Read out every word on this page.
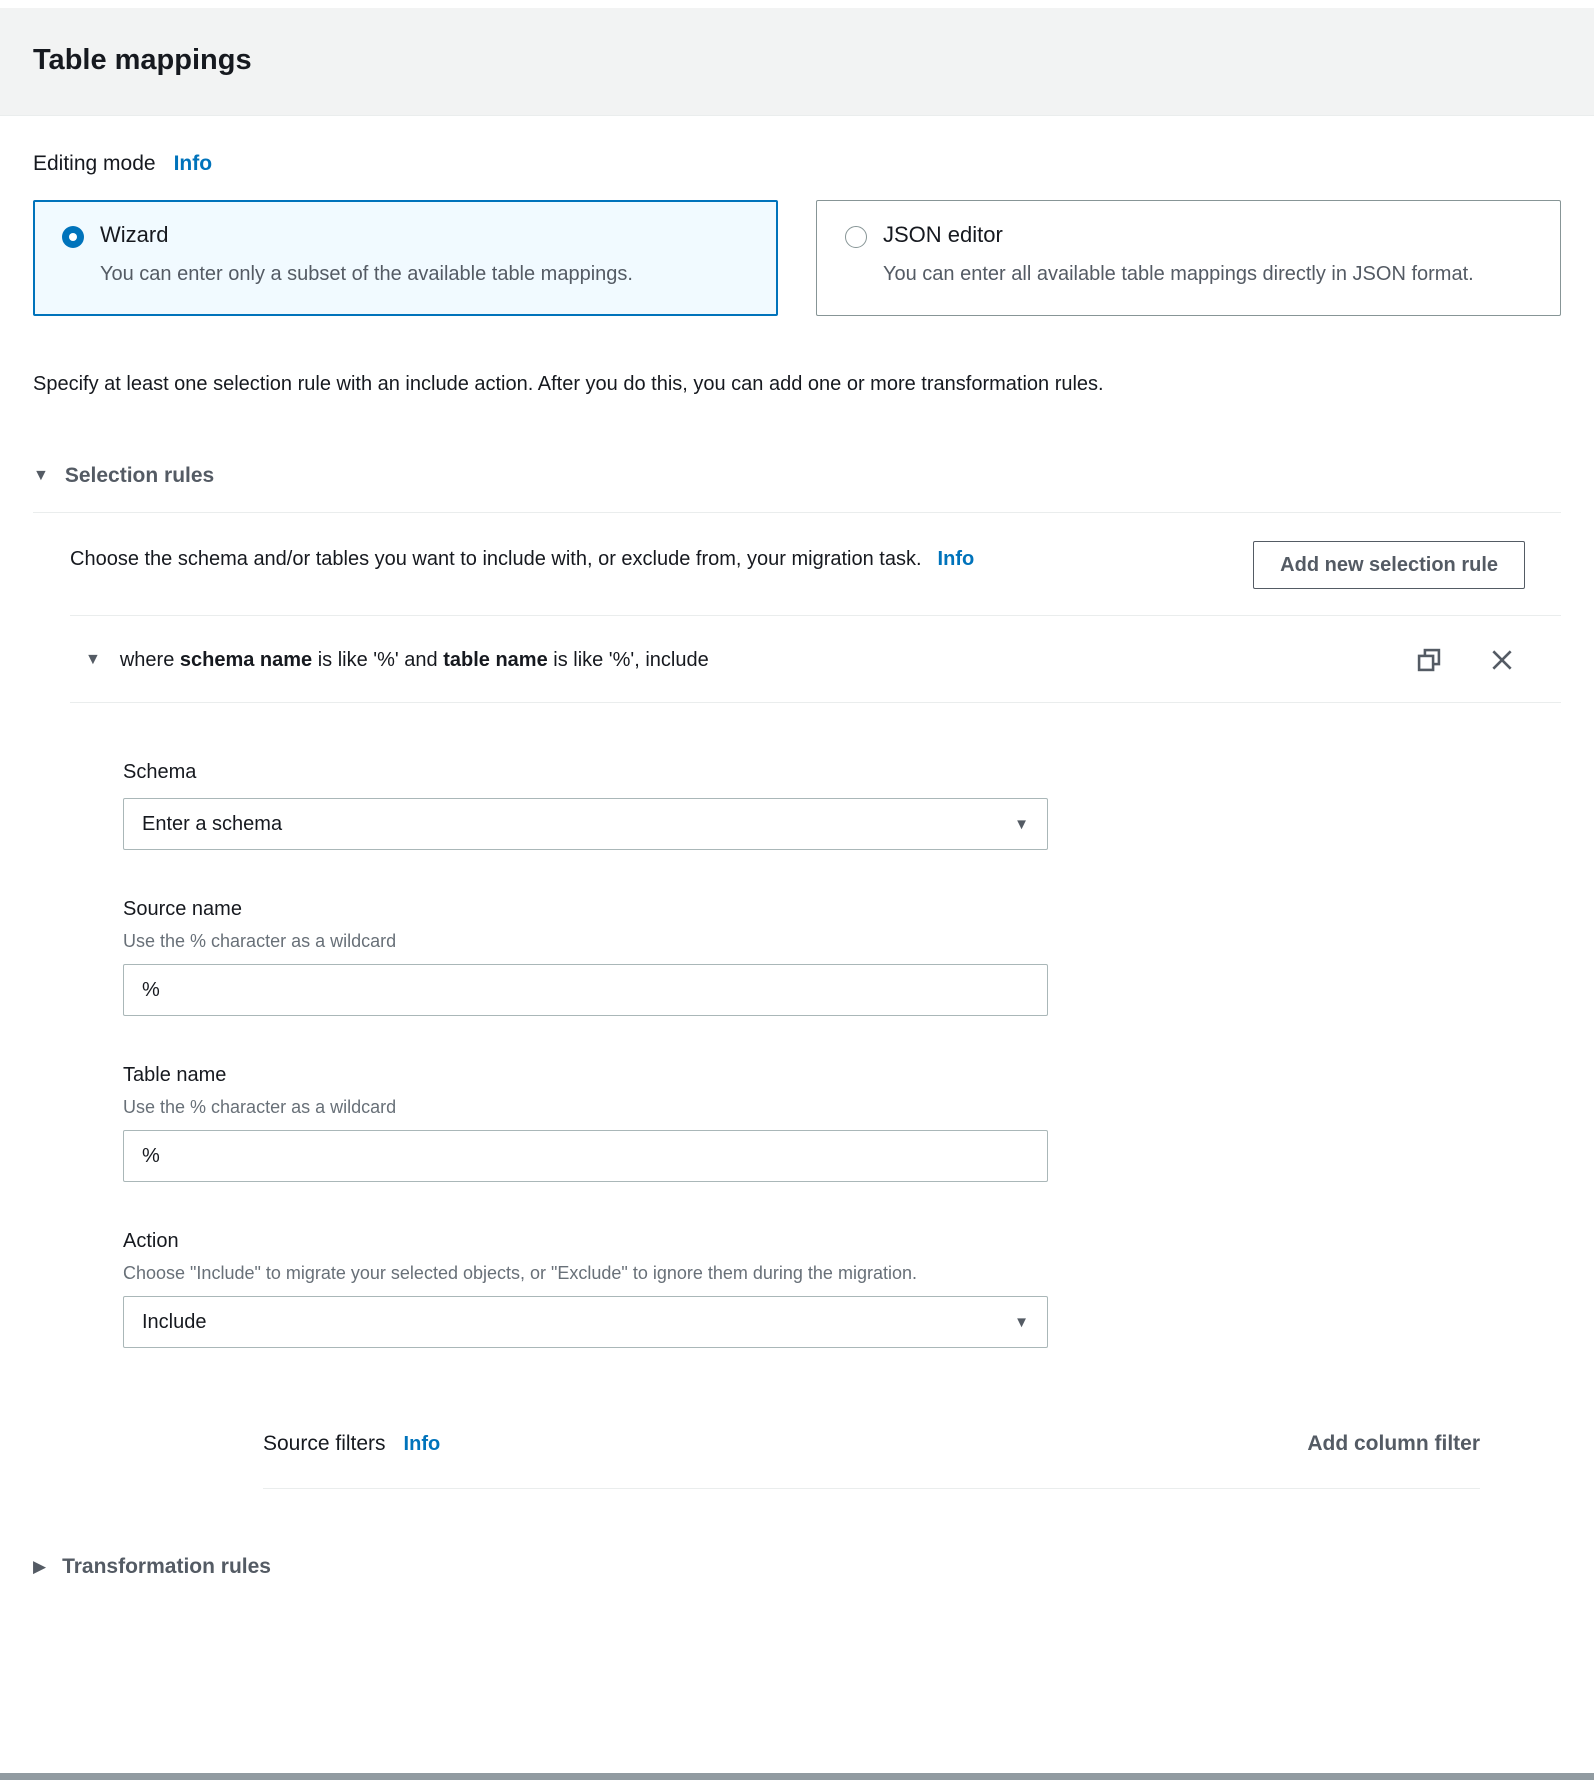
Table mappings
Editing mode Info
Wizard
You can enter only a subset of the available table mappings.
JSON editor
You can enter all available table mappings directly in JSON format.

Specify at least one selection rule with an include action. After you do this, you can add one or more transformation rules.

▼ Selection rules

Choose the schema and/or tables you want to include with, or exclude from, your migration task. Info	Add new selection rule
▼ where schema name is like '%' and table name is like '%', include
Schema
Enter a schema	▼
Source name
Use the % character as a wildcard
%
Table name
Use the % character as a wildcard
%
Action
Choose "Include" to migrate your selected objects, or "Exclude" to ignore them during the migration.
Include	▼
Source filters Info	Add column filter
▶ Transformation rules
